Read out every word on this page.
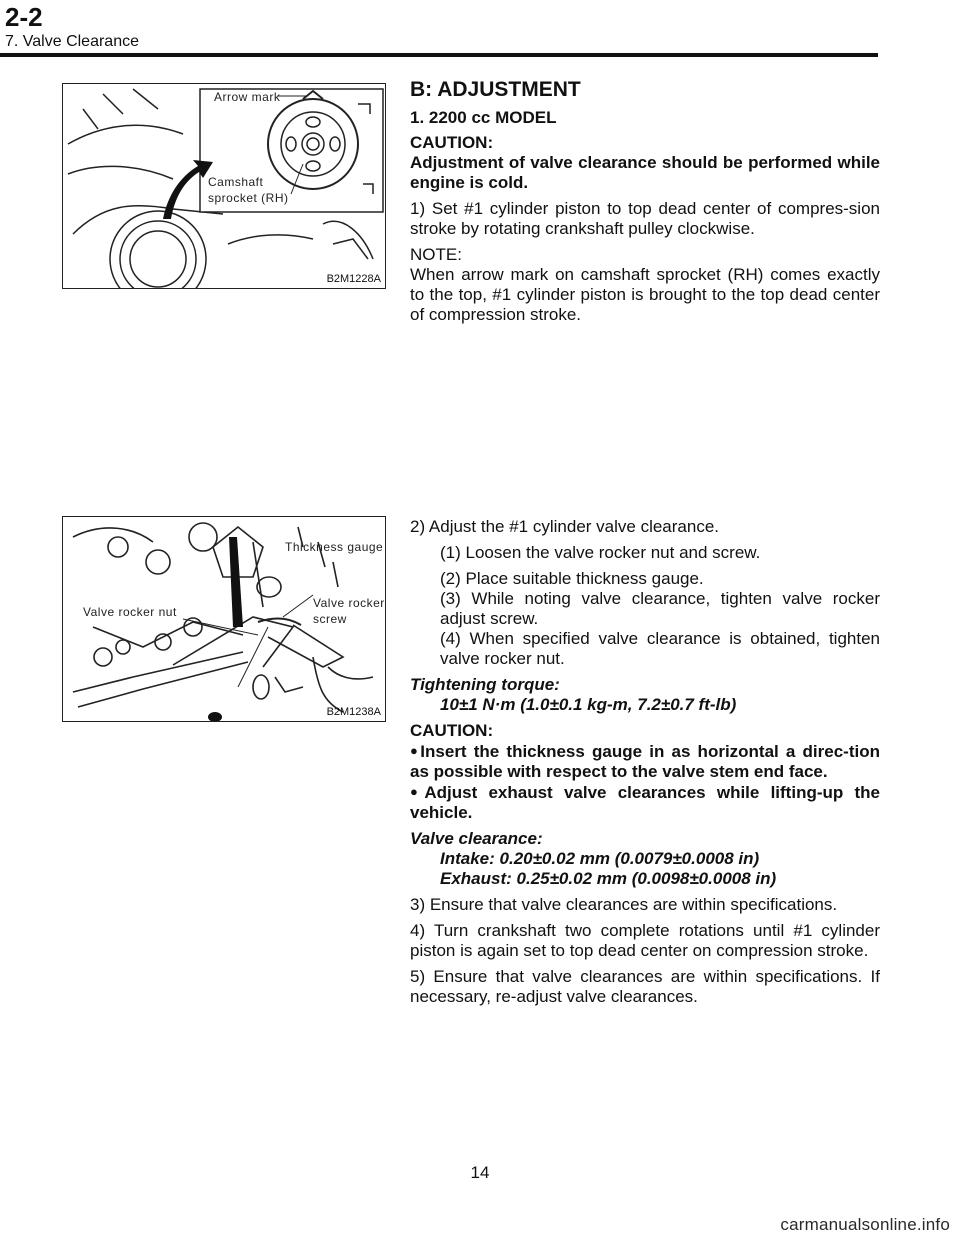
2-2
7. Valve Clearance
Arrow mark
Camshaft
sprocket (RH)
B2M1228A

B: ADJUSTMENT

1. 2200 cc MODEL

CAUTION:

Adjustment of valve clearance should be performed while engine is cold.

1) Set #1 cylinder piston to top dead center of compres-sion stroke by rotating crankshaft pulley clockwise.

NOTE:

When arrow mark on camshaft sprocket (RH) comes exactly to the top, #1 cylinder piston is brought to the top dead center of compression stroke.

Thickness gauge
Valve rocker nut
Valve rocker
screw
B2M1238A

2) Adjust the #1 cylinder valve clearance.

(1) Loosen the valve rocker nut and screw.

(2) Place suitable thickness gauge.

(3) While noting valve clearance, tighten valve rocker adjust screw.

(4) When specified valve clearance is obtained, tighten valve rocker nut.

Tightening torque:

10±1 N·m (1.0±0.1 kg-m, 7.2±0.7 ft-lb)

CAUTION:

●Insert the thickness gauge in as horizontal a direc-tion as possible with respect to the valve stem end face.

●Adjust exhaust valve clearances while lifting-up the vehicle.

Valve clearance:

Intake: 0.20±0.02 mm (0.0079±0.0008 in)

Exhaust: 0.25±0.02 mm (0.0098±0.0008 in)

3) Ensure that valve clearances are within specifications.

4) Turn crankshaft two complete rotations until #1 cylinder piston is again set to top dead center on compression stroke.

5) Ensure that valve clearances are within specifications. If necessary, re-adjust valve clearances.

14
carmanualsonline.info
